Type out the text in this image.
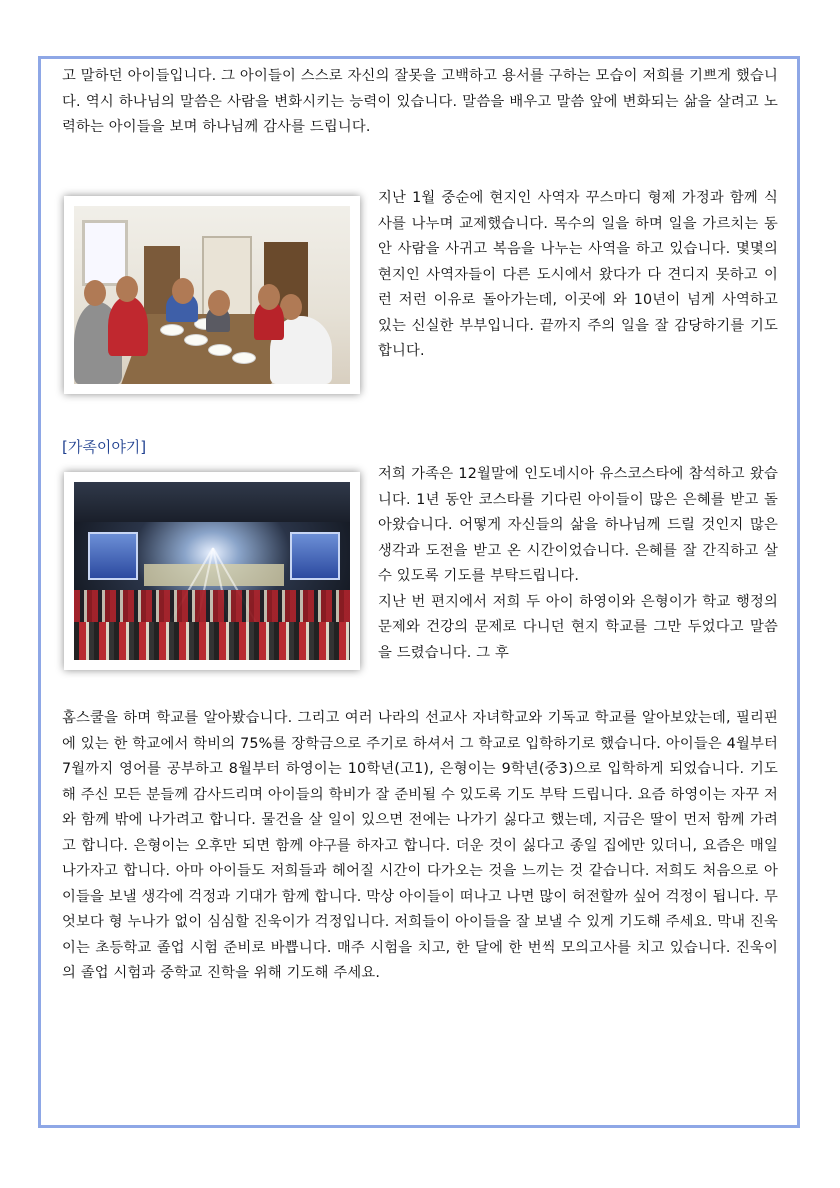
고 말하던 아이들입니다. 그 아이들이 스스로 자신의 잘못을 고백하고 용서를 구하는 모습이 저희를 기쁘게 했습니다. 역시 하나님의 말씀은 사람을 변화시키는 능력이 있습니다. 말씀을 배우고 말씀 앞에 변화되는 삶을 살려고 노력하는 아이들을 보며 하나님께 감사를 드립니다.

지난 1월 중순에 현지인 사역자 꾸스마디 형제 가정과 함께 식사를 나누며 교제했습니다. 목수의 일을 하며 일을 가르치는 동안 사람을 사귀고 복음을 나누는 사역을 하고 있습니다. 몇몇의 현지인 사역자들이 다른 도시에서 왔다가 다 견디지 못하고 이런 저런 이유로 돌아가는데, 이곳에 와 10년이 넘게 사역하고 있는 신실한 부부입니다. 끝까지 주의 일을 잘 감당하기를 기도합니다.

[가족이야기]

저희 가족은 12월말에 인도네시아 유스코스타에 참석하고 왔습니다. 1년 동안 코스타를 기다린 아이들이 많은 은혜를 받고 돌아왔습니다. 어떻게 자신들의 삶을 하나님께 드릴 것인지 많은 생각과 도전을 받고 온 시간이었습니다. 은혜를 잘 간직하고 살 수 있도록 기도를 부탁드립니다.

지난 번 편지에서 저희 두 아이 하영이와 은형이가 학교 행정의 문제와 건강의 문제로 다니던 현지 학교를 그만 두었다고 말씀을 드렸습니다. 그 후

홈스쿨을 하며 학교를 알아봤습니다. 그리고 여러 나라의 선교사 자녀학교와 기독교 학교를 알아보았는데, 필리핀에 있는 한 학교에서 학비의 75%를 장학금으로 주기로 하셔서 그 학교로 입학하기로 했습니다. 아이들은 4월부터 7월까지 영어를 공부하고 8월부터 하영이는 10학년(고1), 은형이는 9학년(중3)으로 입학하게 되었습니다. 기도해 주신 모든 분들께 감사드리며 아이들의 학비가 잘 준비될 수 있도록 기도 부탁 드립니다. 요즘 하영이는 자꾸 저와 함께 밖에 나가려고 합니다. 물건을 살 일이 있으면 전에는 나가기 싫다고 했는데, 지금은 딸이 먼저 함께 가려고 합니다. 은형이는 오후만 되면 함께 야구를 하자고 합니다. 더운 것이 싫다고 종일 집에만 있더니, 요즘은 매일 나가자고 합니다. 아마 아이들도 저희들과 헤어질 시간이 다가오는 것을 느끼는 것 같습니다. 저희도 처음으로 아이들을 보낼 생각에 걱정과 기대가 함께 합니다. 막상 아이들이 떠나고 나면 많이 허전할까 싶어 걱정이 됩니다. 무엇보다 형 누나가 없이 심심할 진욱이가 걱정입니다. 저희들이 아이들을 잘 보낼 수 있게 기도해 주세요. 막내 진욱이는 초등학교 졸업 시험 준비로 바쁩니다. 매주 시험을 치고, 한 달에 한 번씩 모의고사를 치고 있습니다. 진욱이의 졸업 시험과 중학교 진학을 위해 기도해 주세요.
